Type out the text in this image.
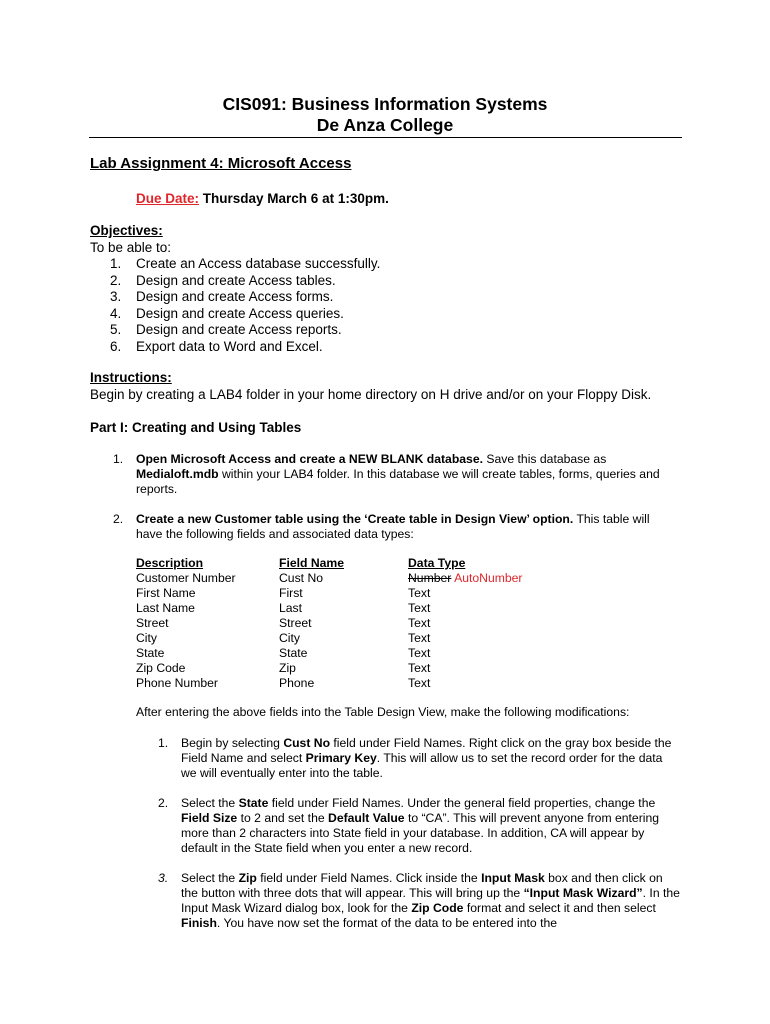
CIS091: Business Information Systems
De Anza College
Lab Assignment 4: Microsoft Access
Due Date: Thursday March 6 at 1:30pm.
Objectives:
To be able to:
1. Create an Access database successfully.
2. Design and create Access tables.
3. Design and create Access forms.
4. Design and create Access queries.
5. Design and create Access reports.
6. Export data to Word and Excel.
Instructions:
Begin by creating a LAB4 folder in your home directory on H drive and/or on your Floppy Disk.
Part I: Creating and Using Tables
1. Open Microsoft Access and create a NEW BLANK database. Save this database as Medialoft.mdb within your LAB4 folder. In this database we will create tables, forms, queries and reports.
2. Create a new Customer table using the ‘Create table in Design View’ option. This table will have the following fields and associated data types:
Description	Field Name	Data Type
Customer Number	Cust No	Number AutoNumber
First Name	First	Text
Last Name	Last	Text
Street	Street	Text
City	City	Text
State	State	Text
Zip Code	Zip	Text
Phone Number	Phone	Text
After entering the above fields into the Table Design View, make the following modifications:
1. Begin by selecting Cust No field under Field Names. Right click on the gray box beside the Field Name and select Primary Key. This will allow us to set the record order for the data we will eventually enter into the table.
2. Select the State field under Field Names. Under the general field properties, change the Field Size to 2 and set the Default Value to “CA”. This will prevent anyone from entering more than 2 characters into State field in your database. In addition, CA will appear by default in the State field when you enter a new record.
3. Select the Zip field under Field Names. Click inside the Input Mask box and then click on the button with three dots that will appear. This will bring up the “Input Mask Wizard”. In the Input Mask Wizard dialog box, look for the Zip Code format and select it and then select Finish. You have now set the format of the data to be entered into the
